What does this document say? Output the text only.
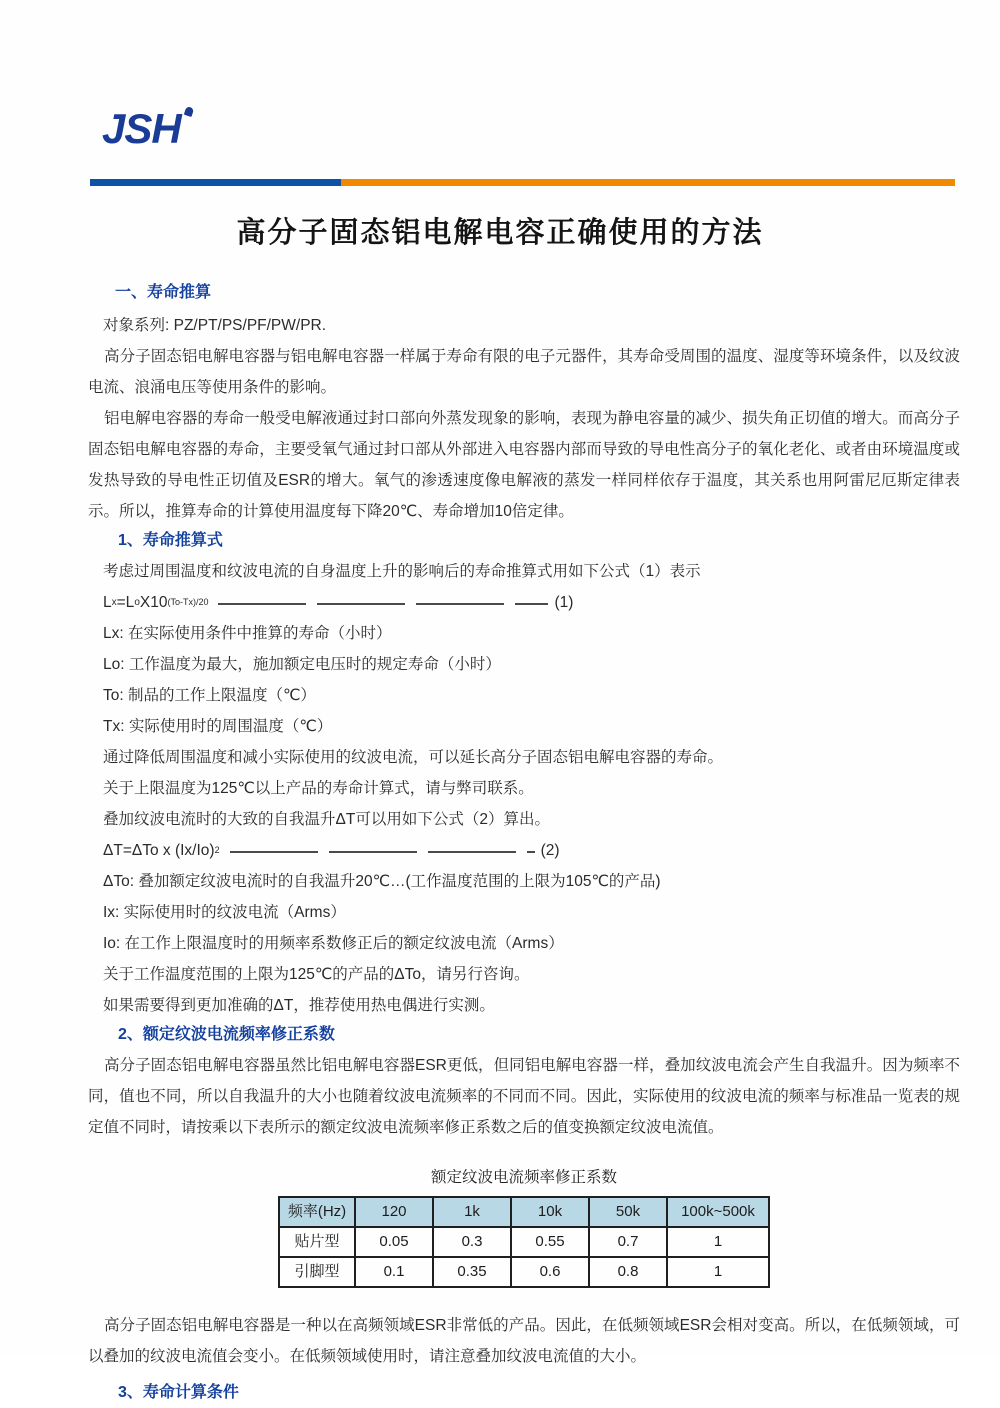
JSH
高分子固态铝电解电容正确使用的方法
一、寿命推算

对象系列: PZ/PT/PS/PF/PW/PR.

高分子固态铝电解电容器与铝电解电容器一样属于寿命有限的电子元器件，其寿命受周围的温度、湿度等环境条件，以及纹波电流、浪涌电压等使用条件的影响。

铝电解电容器的寿命一般受电解液通过封口部向外蒸发现象的影响，表现为静电容量的减少、损失角正切值的增大。而高分子固态铝电解电容器的寿命，主要受氧气通过封口部从外部进入电容器内部而导致的导电性高分子的氧化老化、或者由环境温度或发热导致的导电性正切值及ESR的增大。氧气的渗透速度像电解液的蒸发一样同样依存于温度，其关系也用阿雷尼厄斯定律表示。所以，推算寿命的计算使用温度每下降20℃、寿命增加10倍定律。

1、寿命推算式

考虑过周围温度和纹波电流的自身温度上升的影响后的寿命推算式用如下公式（1）表示

L x =L o X10 (To-Tx)/20	(1)

Lx: 在实际使用条件中推算的寿命（小时）

Lo: 工作温度为最大，施加额定电压时的规定寿命（小时）

To: 制品的工作上限温度（℃）

Tx: 实际使用时的周围温度（℃）

通过降低周围温度和减小实际使用的纹波电流，可以延长高分子固态铝电解电容器的寿命。

关于上限温度为125℃以上产品的寿命计算式，请与弊司联系。

叠加纹波电流时的大致的自我温升ΔT可以用如下公式（2）算出。

ΔT=ΔTo x (Ix/Io) 2	(2)

ΔTo: 叠加额定纹波电流时的自我温升20℃…(工作温度范围的上限为105℃的产品)

Ix: 实际使用时的纹波电流（Arms）

Io: 在工作上限温度时的用频率系数修正后的额定纹波电流（Arms）

关于工作温度范围的上限为125℃的产品的ΔTo，请另行咨询。

如果需要得到更加准确的ΔT，推荐使用热电偶进行实测。

2、额定纹波电流频率修正系数

高分子固态铝电解电容器虽然比铝电解电容器ESR更低，但同铝电解电容器一样，叠加纹波电流会产生自我温升。因为频率不同，值也不同，所以自我温升的大小也随着纹波电流频率的不同而不同。因此，实际使用的纹波电流的频率与标准品一览表的规定值不同时，请按乘以下表所示的额定纹波电流频率修正系数之后的值变换额定纹波电流值。

额定纹波电流频率修正系数

频率(Hz)	120	1k	10k	50k	100k~500k
贴片型	0.05	0.3	0.55	0.7	1
引脚型	0.1	0.35	0.6	0.8	1

高分子固态铝电解电容器是一种以在高频领域ESR非常低的产品。因此，在低频领域ESR会相对变高。所以，在低频领域，可以叠加的纹波电流值会变小。在低频领域使用时，请注意叠加纹波电流值的大小。

3、寿命计算条件
